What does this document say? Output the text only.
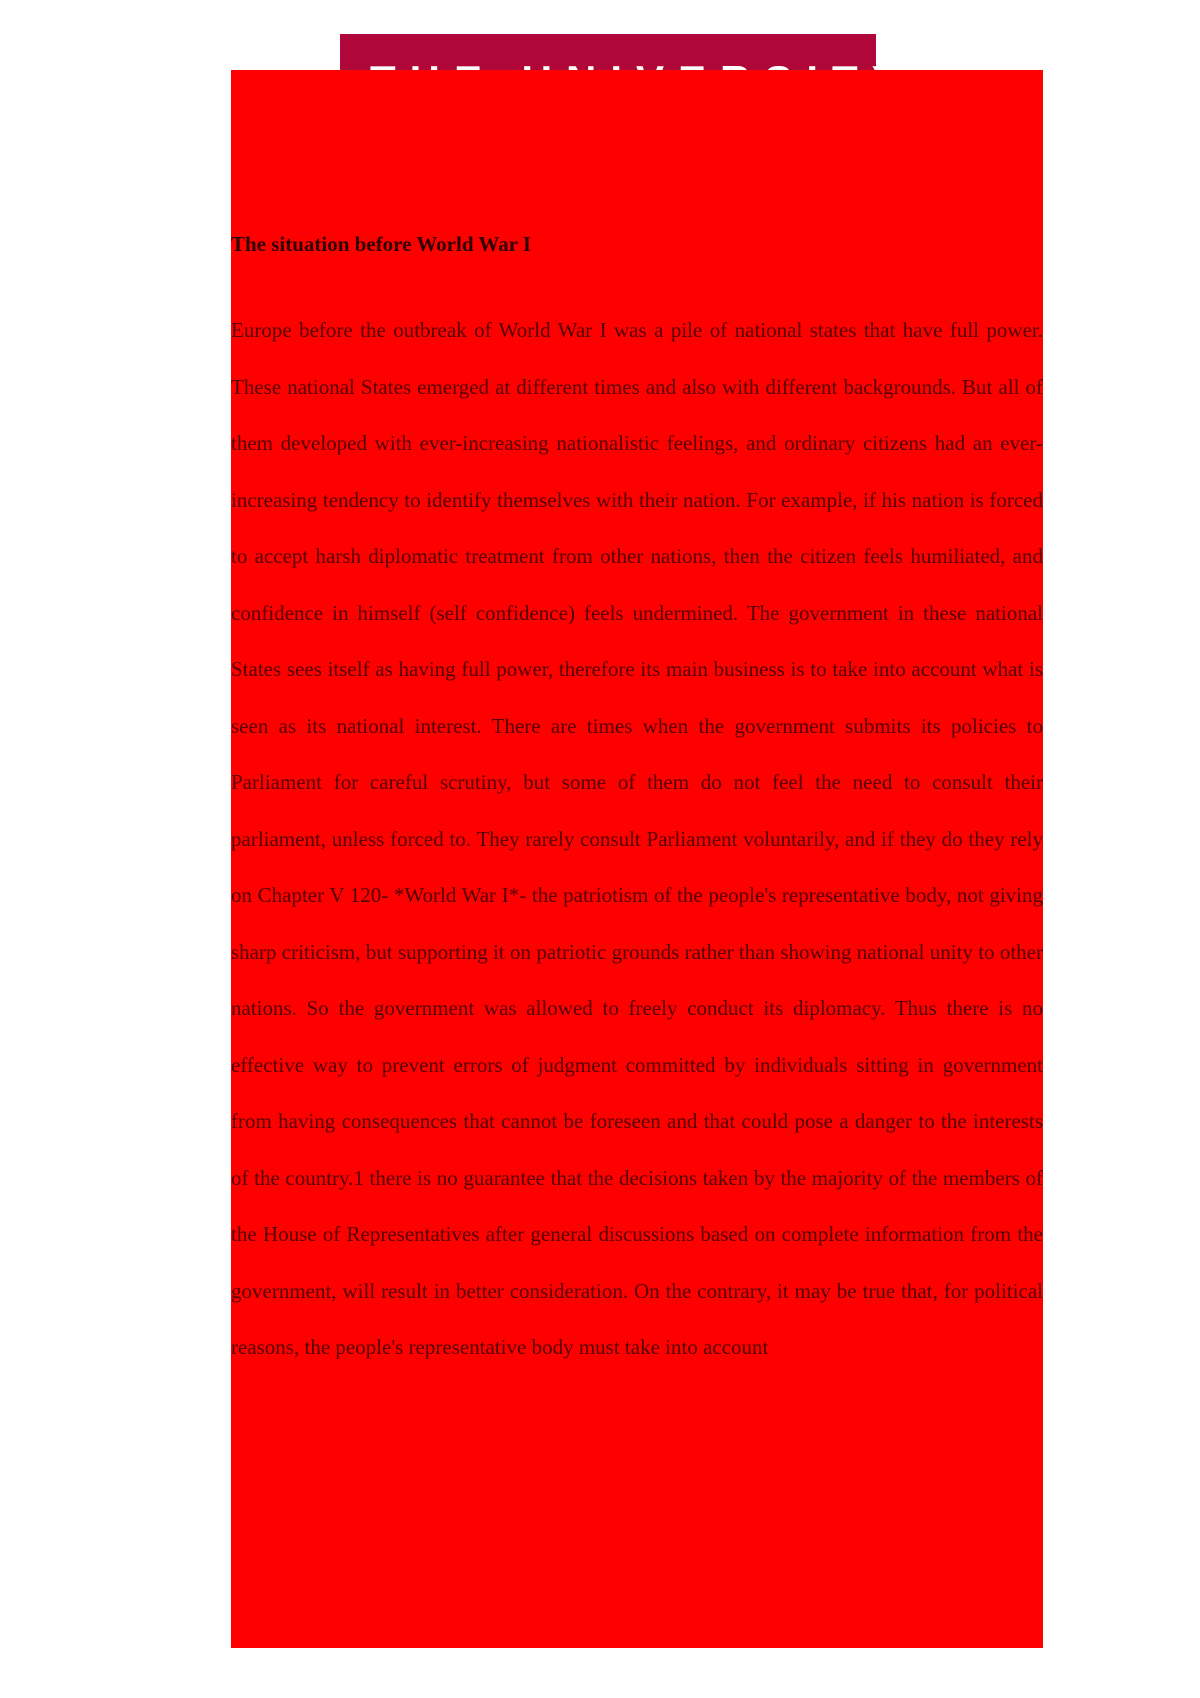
The situation before World War I

Europe before the outbreak of World War I was a pile of national states that have full power. These national States emerged at different times and also with different backgrounds. But all of them developed with ever-increasing nationalistic feelings, and ordinary citizens had an ever-increasing tendency to identify themselves with their nation. For example, if his nation is forced to accept harsh diplomatic treatment from other nations, then the citizen feels humiliated, and confidence in himself (self confidence) feels undermined. The government in these national States sees itself as having full power, therefore its main business is to take into account what is seen as its national interest. There are times when the government submits its policies to Parliament for careful scrutiny, but some of them do not feel the need to consult their parliament, unless forced to. They rarely consult Parliament voluntarily, and if they do they rely on Chapter V 120- *World War I*- the patriotism of the people's representative body, not giving sharp criticism, but supporting it on patriotic grounds rather than showing national unity to other nations. So the government was allowed to freely conduct its diplomacy. Thus there is no effective way to prevent errors of judgment committed by individuals sitting in government from having consequences that cannot be foreseen and that could pose a danger to the interests of the country.1 there is no guarantee that the decisions taken by the majority of the members of the House of Representatives after general discussions based on complete information from the government, will result in better consideration. On the contrary, it may be true that, for political reasons, the people's representative body must take into account
